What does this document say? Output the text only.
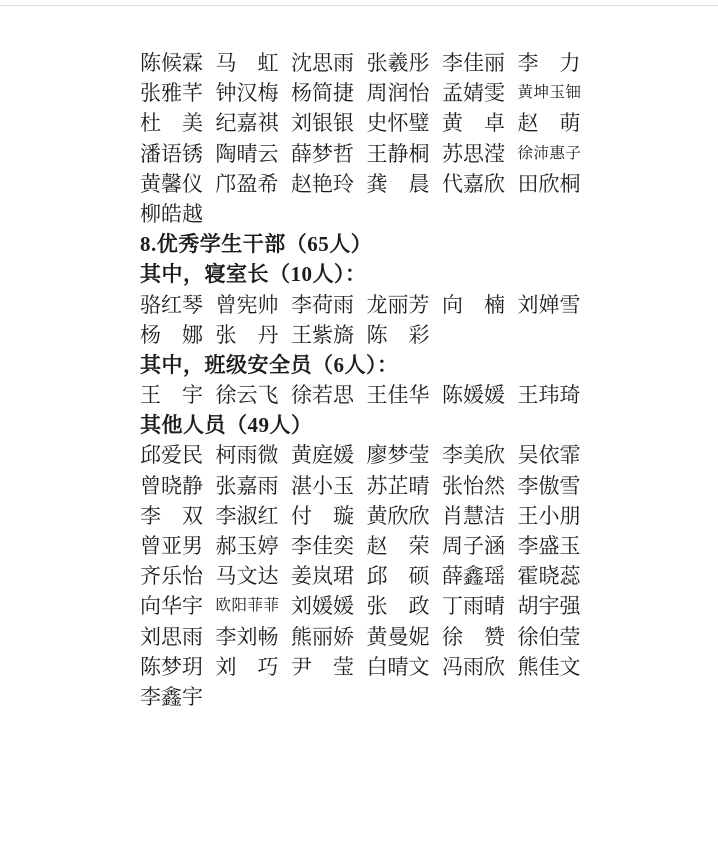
陈候霖 马　虹 沈思雨 张羲彤 李佳丽 李　力
张雅芊 钟汉梅 杨简捷 周润怡 孟婧雯 黄坤玉钿
杜　美 纪嘉祺 刘银银 史怀璧 黄　卓 赵　萌
潘语锈 陶晴云 薛梦哲 王静桐 苏思滢 徐沛惠子
黄馨仪 邝盈希 赵艳玲 龚　晨 代嘉欣 田欣桐
柳皓越
8.优秀学生干部（65人）
其中，寝室长（10人）：
骆红琴 曾宪帅 李荷雨 龙丽芳 向　楠 刘婵雪
杨　娜 张　丹 王紫旖 陈　彩
其中，班级安全员（6人）：
王　宇 徐云飞 徐若思 王佳华 陈媛媛 王玮琦
其他人员（49人）
邱爱民 柯雨微 黄庭媛 廖梦莹 李美欣 吴依霏
曾晓静 张嘉雨 湛小玉 苏芷晴 张怡然 李傲雪
李　双 李淑红 付　璇 黄欣欣 肖慧洁 王小朋
曾亚男 郝玉婷 李佳奕 赵　荣 周子涵 李盛玉
齐乐怡 马文达 姜岚珺 邱　硕 薛鑫瑶 霍晓蕊
向华宇 欧阳菲菲 刘媛媛 张　政 丁雨晴 胡宇强
刘思雨 李刘畅 熊丽娇 黄曼妮 徐　赞 徐伯莹
陈梦玥 刘　巧 尹　莹 白晴文 冯雨欣 熊佳文
李鑫宇
